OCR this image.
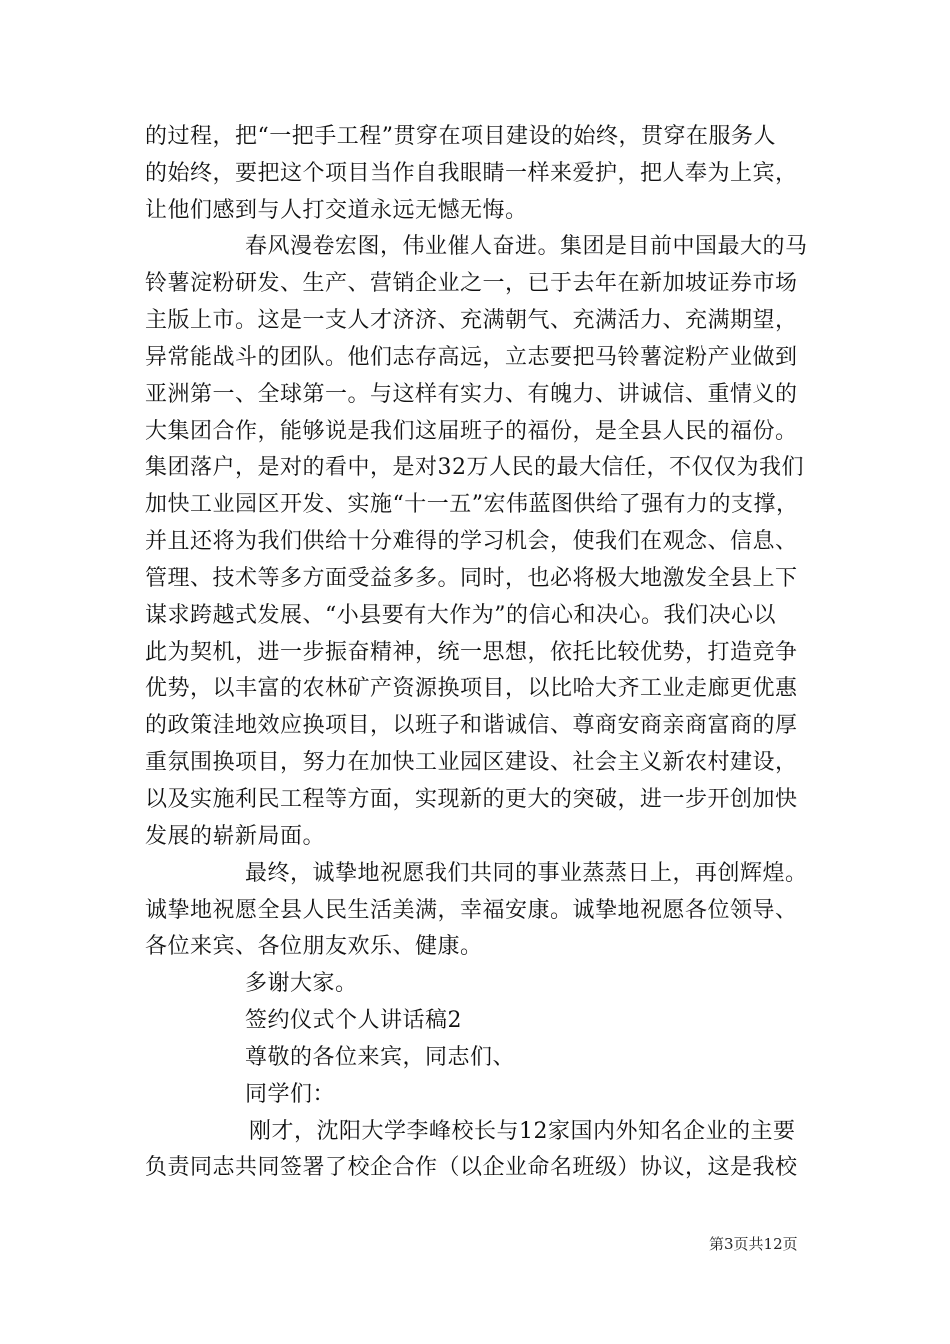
的过程，把“一把手工程”贯穿在项目建设的始终，贯穿在服务人
的始终，要把这个项目当作自我眼睛一样来爱护，把人奉为上宾，
让他们感到与人打交道永远无憾无悔。
春风漫卷宏图，伟业催人奋进。集团是目前中国最大的马
铃薯淀粉研发、生产、营销企业之一，已于去年在新加坡证券市场
主版上市。这是一支人才济济、充满朝气、充满活力、充满期望，
异常能战斗的团队。他们志存高远，立志要把马铃薯淀粉产业做到
亚洲第一、全球第一。与这样有实力、有魄力、讲诚信、重情义的
大集团合作，能够说是我们这届班子的福份，是全县人民的福份。
集团落户，是对的看中，是对32万人民的最大信任，不仅仅为我们
加快工业园区开发、实施“十一五”宏伟蓝图供给了强有力的支撑，
并且还将为我们供给十分难得的学习机会，使我们在观念、信息、
管理、技术等多方面受益多多。同时，也必将极大地激发全县上下
谋求跨越式发展、“小县要有大作为”的信心和决心。我们决心以
此为契机，进一步振奋精神，统一思想，依托比较优势，打造竞争
优势，以丰富的农林矿产资源换项目，以比哈大齐工业走廊更优惠
的政策洼地效应换项目，以班子和谐诚信、尊商安商亲商富商的厚
重氛围换项目，努力在加快工业园区建设、社会主义新农村建设，
以及实施利民工程等方面，实现新的更大的突破，进一步开创加快
发展的崭新局面。
最终，诚挚地祝愿我们共同的事业蒸蒸日上，再创辉煌。
诚挚地祝愿全县人民生活美满，幸福安康。诚挚地祝愿各位领导、
各位来宾、各位朋友欢乐、健康。
多谢大家。
签约仪式个人讲话稿2
尊敬的各位来宾，同志们、
同学们：
刚才，沈阳大学李峰校长与12家国内外知名企业的主要
负责同志共同签署了校企合作（以企业命名班级）协议，这是我校
第3页共12页
